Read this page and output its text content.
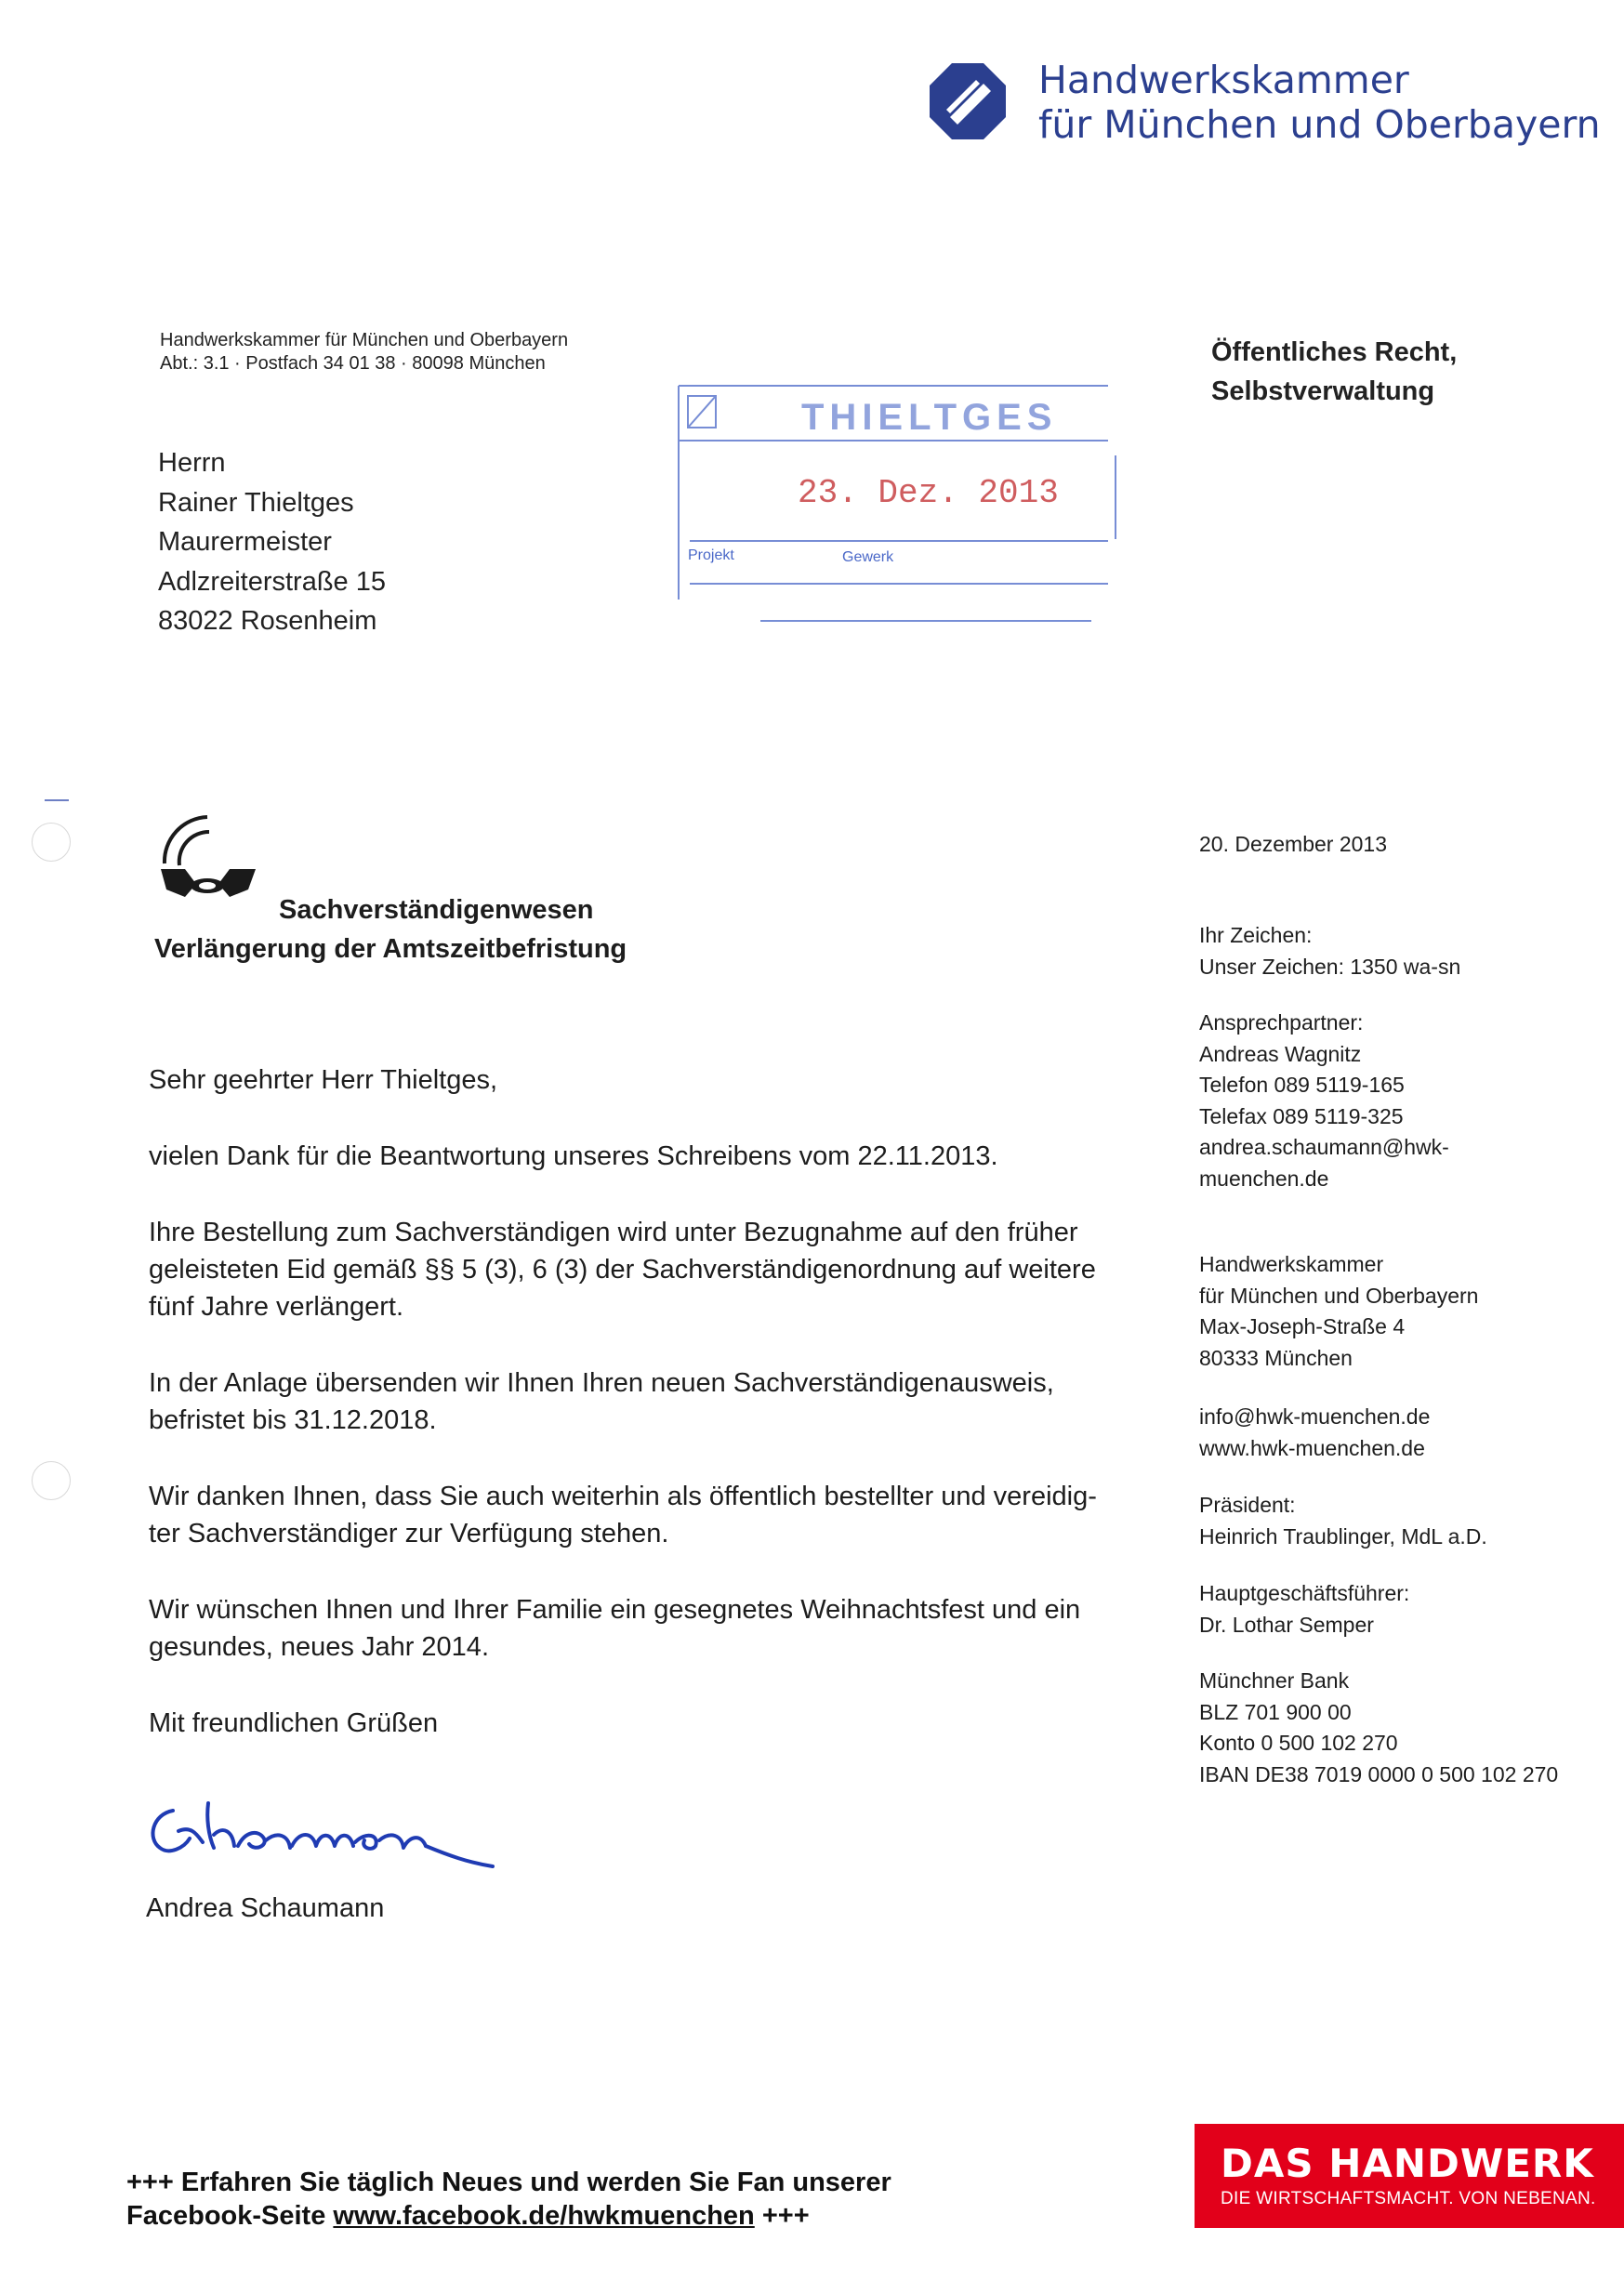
Handwerkskammer
für München und Oberbayern
Handwerkskammer für München und Oberbayern
Abt.: 3.1 · Postfach 34 01 38 · 80098 München	Öffentliches Recht,
Selbstverwaltung
Herrn
Rainer Thieltges
Maurermeister
Adlzreiterstraße 15
83022 Rosenheim
THIELTGES
23. Dez. 2013
Projekt	Gewerk
Sachverständigenwesen
Verlängerung der Amtszeitbefristung

Sehr geehrter Herr Thieltges,

vielen Dank für die Beantwortung unseres Schreibens vom 22.11.2013.

Ihre Bestellung zum Sachverständigen wird unter Bezugnahme auf den früher

geleisteten Eid gemäß §§ 5 (3), 6 (3) der Sachverständigenordnung auf weitere

fünf Jahre verlängert.

In der Anlage übersenden wir Ihnen Ihren neuen Sachverständigenausweis,

befristet bis 31.12.2018.

Wir danken Ihnen, dass Sie auch weiterhin als öffentlich bestellter und vereidig-

ter Sachverständiger zur Verfügung stehen.

Wir wünschen Ihnen und Ihrer Familie ein gesegnetes Weihnachtsfest und ein

gesundes, neues Jahr 2014.

Mit freundlichen Grüßen

Andrea Schaumann
20. Dezember 2013
Ihr Zeichen:
Unser Zeichen: 1350 wa-sn
Ansprechpartner:
Andreas Wagnitz
Telefon 089 5119-165
Telefax 089 5119-325
andrea.schaumann@hwk-
muenchen.de
Handwerkskammer
für München und Oberbayern
Max-Joseph-Straße 4
80333 München
info@hwk-muenchen.de
www.hwk-muenchen.de
Präsident:
Heinrich Traublinger, MdL a.D.
Hauptgeschäftsführer:
Dr. Lothar Semper
Münchner Bank
BLZ 701 900 00
Konto 0 500 102 270
IBAN DE38 7019 0000 0 500 102 270
+++ Erfahren Sie täglich Neues und werden Sie Fan unserer
Facebook-Seite www.facebook.de/hwkmuenchen +++
DAS HANDWERK
DIE WIRTSCHAFTSMACHT. VON NEBENAN.
